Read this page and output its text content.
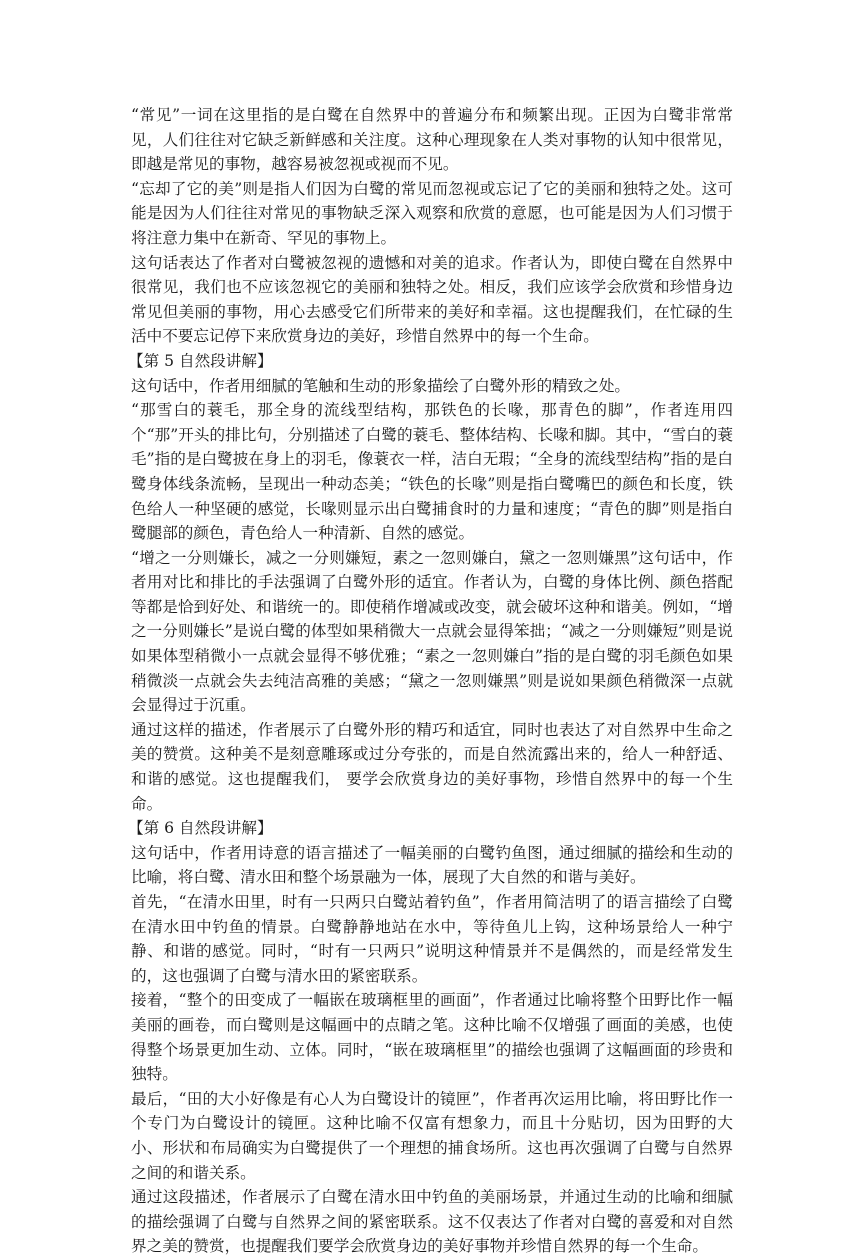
“常见”一词在这里指的是白鹭在自然界中的普遍分布和频繁出现。正因为白鹭非常常见，人们往往对它缺乏新鲜感和关注度。这种心理现象在人类对事物的认知中很常见，即越是常见的事物，越容易被忽视或视而不见。

“忘却了它的美”则是指人们因为白鹭的常见而忽视或忘记了它的美丽和独特之处。这可能是因为人们往往对常见的事物缺乏深入观察和欣赏的意愿，也可能是因为人们习惯于将注意力集中在新奇、罕见的事物上。

这句话表达了作者对白鹭被忽视的遗憾和对美的追求。作者认为，即使白鹭在自然界中很常见，我们也不应该忽视它的美丽和独特之处。相反，我们应该学会欣赏和珍惜身边常见但美丽的事物，用心去感受它们所带来的美好和幸福。这也提醒我们，在忙碌的生活中不要忘记停下来欣赏身边的美好，珍惜自然界中的每一个生命。

【第 5 自然段讲解】

这句话中，作者用细腻的笔触和生动的形象描绘了白鹭外形的精致之处。

“那雪白的蓑毛，那全身的流线型结构，那铁色的长喙，那青色的脚”，作者连用四个“那”开头的排比句，分别描述了白鹭的蓑毛、整体结构、长喙和脚。其中，“雪白的蓑毛”指的是白鹭披在身上的羽毛，像蓑衣一样，洁白无瑕；“全身的流线型结构”指的是白鹭身体线条流畅，呈现出一种动态美；“铁色的长喙”则是指白鹭嘴巴的颜色和长度，铁色给人一种坚硬的感觉，长喙则显示出白鹭捕食时的力量和速度；“青色的脚”则是指白鹭腿部的颜色，青色给人一种清新、自然的感觉。

“增之一分则嫌长，减之一分则嫌短，素之一忽则嫌白，黛之一忽则嫌黑”这句话中，作者用对比和排比的手法强调了白鹭外形的适宜。作者认为，白鹭的身体比例、颜色搭配等都是恰到好处、和谐统一的。即使稍作增减或改变，就会破坏这种和谐美。例如，“增之一分则嫌长”是说白鹭的体型如果稍微大一点就会显得笨拙；“减之一分则嫌短”则是说如果体型稍微小一点就会显得不够优雅；“素之一忽则嫌白”指的是白鹭的羽毛颜色如果稍微淡一点就会失去纯洁高雅的美感；“黛之一忽则嫌黑”则是说如果颜色稍微深一点就会显得过于沉重。

通过这样的描述，作者展示了白鹭外形的精巧和适宜，同时也表达了对自然界中生命之美的赞赏。这种美不是刻意雕琢或过分夸张的，而是自然流露出来的，给人一种舒适、和谐的感觉。这也提醒我们， 要学会欣赏身边的美好事物，珍惜自然界中的每一个生命。

【第 6 自然段讲解】

这句话中，作者用诗意的语言描述了一幅美丽的白鹭钓鱼图，通过细腻的描绘和生动的比喻，将白鹭、清水田和整个场景融为一体，展现了大自然的和谐与美好。

首先，“在清水田里，时有一只两只白鹭站着钓鱼”，作者用简洁明了的语言描绘了白鹭在清水田中钓鱼的情景。白鹭静静地站在水中，等待鱼儿上钩，这种场景给人一种宁静、和谐的感觉。同时，“时有一只两只”说明这种情景并不是偶然的，而是经常发生的，这也强调了白鹭与清水田的紧密联系。

接着，“整个的田变成了一幅嵌在玻璃框里的画面”，作者通过比喻将整个田野比作一幅美丽的画卷，而白鹭则是这幅画中的点睛之笔。这种比喻不仅增强了画面的美感，也使得整个场景更加生动、立体。同时，“嵌在玻璃框里”的描绘也强调了这幅画面的珍贵和独特。

最后，“田的大小好像是有心人为白鹭设计的镜匣”，作者再次运用比喻，将田野比作一个专门为白鹭设计的镜匣。这种比喻不仅富有想象力，而且十分贴切，因为田野的大小、形状和布局确实为白鹭提供了一个理想的捕食场所。这也再次强调了白鹭与自然界之间的和谐关系。

通过这段描述，作者展示了白鹭在清水田中钓鱼的美丽场景，并通过生动的比喻和细腻的描绘强调了白鹭与自然界之间的紧密联系。这不仅表达了作者对白鹭的喜爱和对自然界之美的赞赏，也提醒我们要学会欣赏身边的美好事物并珍惜自然界的每一个生命。
